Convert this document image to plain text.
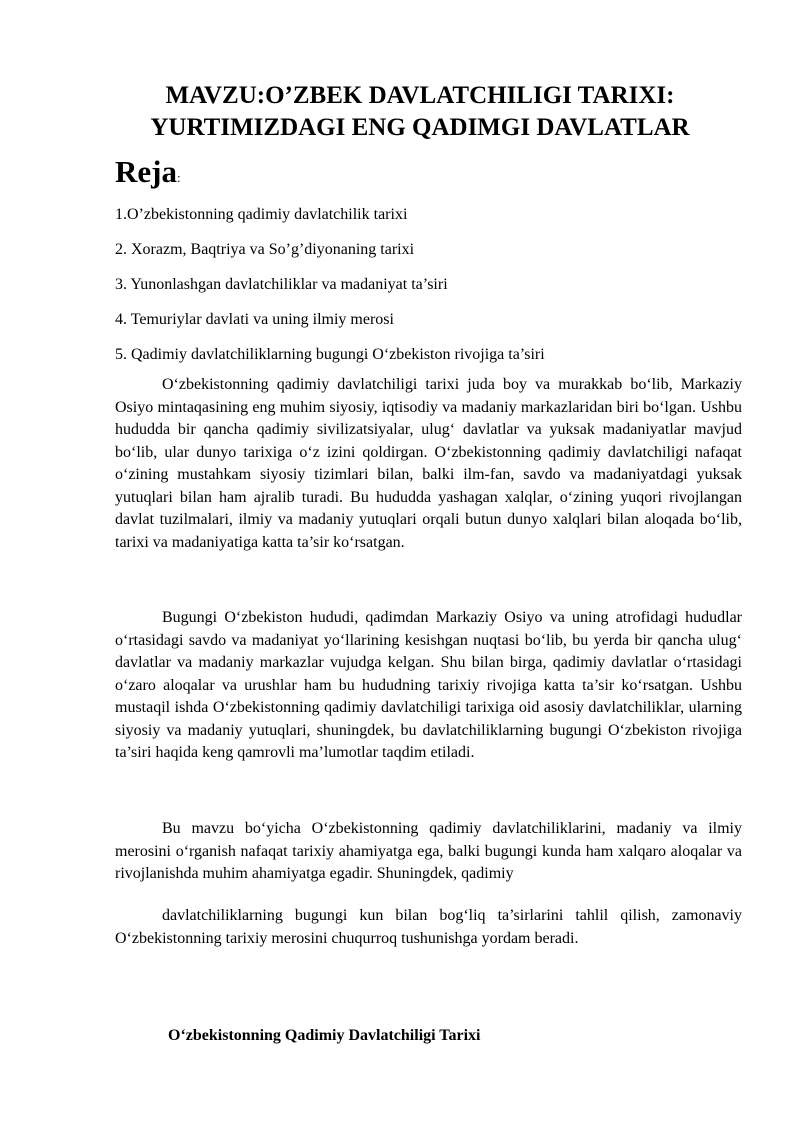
MAVZU:O’ZBEK DAVLATCHILIGI TARIXI:
YURTIMIZDAGI ENG QADIMGI DAVLATLAR
Reja:
1.O’zbekistonning qadimiy davlatchilik tarixi
2. Xorazm, Baqtriya va So’g’diyonaning tarixi
3. Yunonlashgan davlatchiliklar va madaniyat ta’siri
4. Temuriylar davlati va uning ilmiy merosi
5. Qadimiy davlatchiliklarning bugungi O‘zbekiston rivojiga ta’siri

O‘zbekistonning qadimiy davlatchiligi tarixi juda boy va murakkab bo‘lib, Markaziy Osiyo mintaqasining eng muhim siyosiy, iqtisodiy va madaniy markazlaridan biri bo‘lgan. Ushbu hududda bir qancha qadimiy sivilizatsiyalar, ulug‘ davlatlar va yuksak madaniyatlar mavjud bo‘lib, ular dunyo tarixiga o‘z izini qoldirgan. O‘zbekistonning qadimiy davlatchiligi nafaqat o‘zining mustahkam siyosiy tizimlari bilan, balki ilm-fan, savdo va madaniyatdagi yuksak yutuqlari bilan ham ajralib turadi. Bu hududda yashagan xalqlar, o‘zining yuqori rivojlangan davlat tuzilmalari, ilmiy va madaniy yutuqlari orqali butun dunyo xalqlari bilan aloqada bo‘lib, tarixi va madaniyatiga katta ta’sir ko‘rsatgan.

Bugungi O‘zbekiston hududi, qadimdan Markaziy Osiyo va uning atrofidagi hududlar o‘rtasidagi savdo va madaniyat yo‘llarining kesishgan nuqtasi bo‘lib, bu yerda bir qancha ulug‘ davlatlar va madaniy markazlar vujudga kelgan. Shu bilan birga, qadimiy davlatlar o‘rtasidagi o‘zaro aloqalar va urushlar ham bu hududning tarixiy rivojiga katta ta’sir ko‘rsatgan. Ushbu mustaqil ishda O‘zbekistonning qadimiy davlatchiligi tarixiga oid asosiy davlatchiliklar, ularning siyosiy va madaniy yutuqlari, shuningdek, bu davlatchiliklarning bugungi O‘zbekiston rivojiga ta’siri haqida keng qamrovli ma’lumotlar taqdim etiladi.

Bu mavzu bo‘yicha O‘zbekistonning qadimiy davlatchiliklarini, madaniy va ilmiy merosini o‘rganish nafaqat tarixiy ahamiyatga ega, balki bugungi kunda ham xalqaro aloqalar va rivojlanishda muhim ahamiyatga egadir. Shuningdek, qadimiy

davlatchiliklarning bugungi kun bilan bog‘liq ta’sirlarini tahlil qilish, zamonaviy O‘zbekistonning tarixiy merosini chuqurroq tushunishga yordam beradi.

O‘zbekistonning Qadimiy Davlatchiligi Tarixi
